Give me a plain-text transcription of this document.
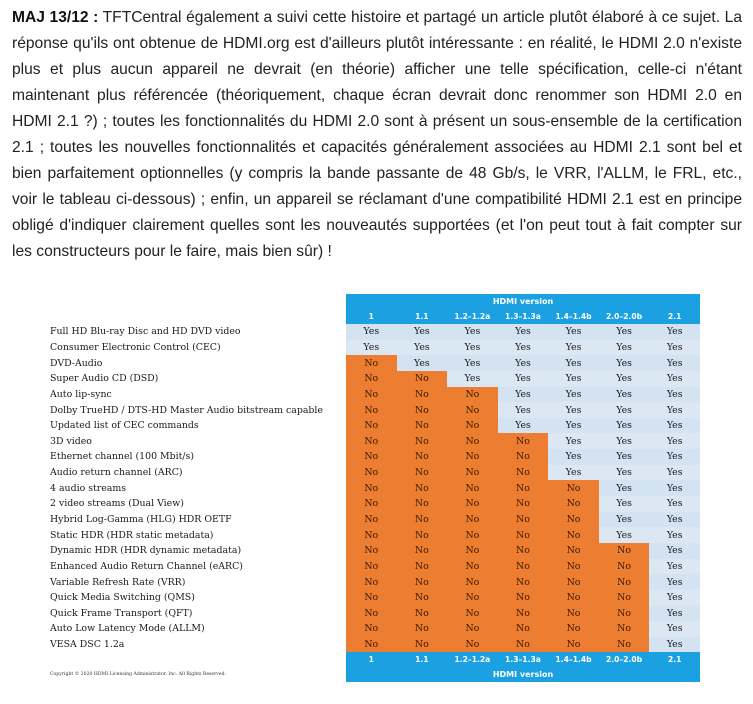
MAJ 13/12 : TFTCentral également a suivi cette histoire et partagé un article plutôt élaboré à ce sujet. La réponse qu'ils ont obtenue de HDMI.org est d'ailleurs plutôt intéressante : en réalité, le HDMI 2.0 n'existe plus et plus aucun appareil ne devrait (en théorie) afficher une telle spécification, celle-ci n'étant maintenant plus référencée (théoriquement, chaque écran devrait donc renommer son HDMI 2.0 en HDMI 2.1 ?) ; toutes les fonctionnalités du HDMI 2.0 sont à présent un sous-ensemble de la certification 2.1 ; toutes les nouvelles fonctionnalités et capacités généralement associées au HDMI 2.1 sont bel et bien parfaitement optionnelles (y compris la bande passante de 48 Gb/s, le VRR, l'ALLM, le FRL, etc., voir le tableau ci-dessous) ; enfin, un appareil se réclamant d'une compatibilité HDMI 2.1 est en principe obligé d'indiquer clairement quelles sont les nouveautés supportées (et l'on peut tout à fait compter sur les constructeurs pour le faire, mais bien sûr) !
	HDMI version						
	1	1.1	1.2–1.2a	1.3–1.3a	1.4–1.4b	2.0–2.0b	2.1
Full HD Blu-ray Disc and HD DVD video	Yes	Yes	Yes	Yes	Yes	Yes	Yes
Consumer Electronic Control (CEC)	Yes	Yes	Yes	Yes	Yes	Yes	Yes
DVD-Audio	No	Yes	Yes	Yes	Yes	Yes	Yes
Super Audio CD (DSD)	No	No	Yes	Yes	Yes	Yes	Yes
Auto lip-sync	No	No	No	Yes	Yes	Yes	Yes
Dolby TrueHD / DTS-HD Master Audio bitstream capable	No	No	No	Yes	Yes	Yes	Yes
Updated list of CEC commands	No	No	No	Yes	Yes	Yes	Yes
3D video	No	No	No	No	Yes	Yes	Yes
Ethernet channel (100 Mbit/s)	No	No	No	No	Yes	Yes	Yes
Audio return channel (ARC)	No	No	No	No	Yes	Yes	Yes
4 audio streams	No	No	No	No	No	Yes	Yes
2 video streams (Dual View)	No	No	No	No	No	Yes	Yes
Hybrid Log-Gamma (HLG) HDR OETF	No	No	No	No	No	Yes	Yes
Static HDR (HDR static metadata)	No	No	No	No	No	Yes	Yes
Dynamic HDR (HDR dynamic metadata)	No	No	No	No	No	No	Yes
Enhanced Audio Return Channel (eARC)	No	No	No	No	No	No	Yes
Variable Refresh Rate (VRR)	No	No	No	No	No	No	Yes
Quick Media Switching (QMS)	No	No	No	No	No	No	Yes
Quick Frame Transport (QFT)	No	No	No	No	No	No	Yes
Auto Low Latency Mode (ALLM)	No	No	No	No	No	No	Yes
VESA DSC 1.2a	No	No	No	No	No	No	Yes
	1	1.1	1.2–1.2a	1.3–1.3a	1.4–1.4b	2.0–2.0b	2.1
Copyright © 2020 HDMI Licensing Administrator, Inc. All Rights Reserved.	HDMI version						
